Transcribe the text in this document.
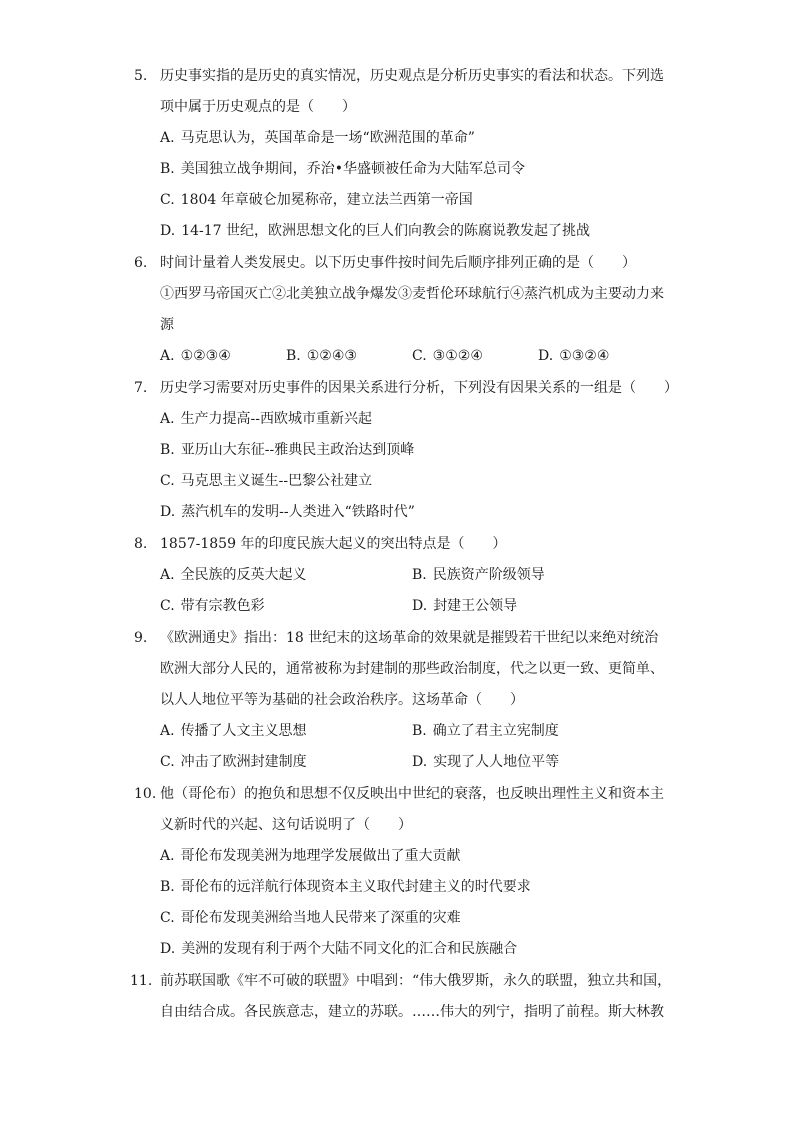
5. 历史事实指的是历史的真实情况，历史观点是分析历史事实的看法和状态。下列选
项中属于历史观点的是（　　）
A. 马克思认为，英国革命是一场“欧洲范围的革命”
B. 美国独立战争期间，乔治•华盛顿被任命为大陆军总司令
C. 1804 年章破仑加冕称帝，建立法兰西第一帝国
D. 14-17 世纪，欧洲思想文化的巨人们向教会的陈腐说教发起了挑战
6. 时间计量着人类发展史。以下历史事件按时间先后顺序排列正确的是（　　）
①西罗马帝国灭亡②北美独立战争爆发③麦哲伦环球航行④蒸汽机成为主要动力来
源
A. ①②③④	B. ①②④③	C. ③①②④	D. ①③②④
7. 历史学习需要对历史事件的因果关系进行分析，下列没有因果关系的一组是（　　）
A. 生产力提高--西欧城市重新兴起
B. 亚历山大东征--雅典民主政治达到顶峰
C. 马克思主义诞生--巴黎公社建立
D. 蒸汽机车的发明--人类进入“铁路时代”
8. 1857-1859 年的印度民族大起义的突出特点是（　　）
A. 全民族的反英大起义	B. 民族资产阶级领导
C. 带有宗教色彩	D. 封建王公领导
9. 《欧洲通史》指出：18 世纪末的这场革命的效果就是摧毁若干世纪以来绝对统治
欧洲大部分人民的，通常被称为封建制的那些政治制度，代之以更一致、更简单、
以人人地位平等为基础的社会政治秩序。这场革命（　　）
A. 传播了人文主义思想	B. 确立了君主立宪制度
C. 冲击了欧洲封建制度	D. 实现了人人地位平等
10. 他（哥伦布）的抱负和思想不仅反映出中世纪的衰落，也反映出理性主义和资本主
义新时代的兴起、这句话说明了（　　）
A. 哥伦布发现美洲为地理学发展做出了重大贡献
B. 哥伦布的远洋航行体现资本主义取代封建主义的时代要求
C. 哥伦布发现美洲给当地人民带来了深重的灾难
D. 美洲的发现有利于两个大陆不同文化的汇合和民族融合
11. 前苏联国歌《牢不可破的联盟》中唱到：“伟大俄罗斯，永久的联盟，独立共和国，
自由结合成。各民族意志，建立的苏联。……伟大的列宁，指明了前程。斯大林教
